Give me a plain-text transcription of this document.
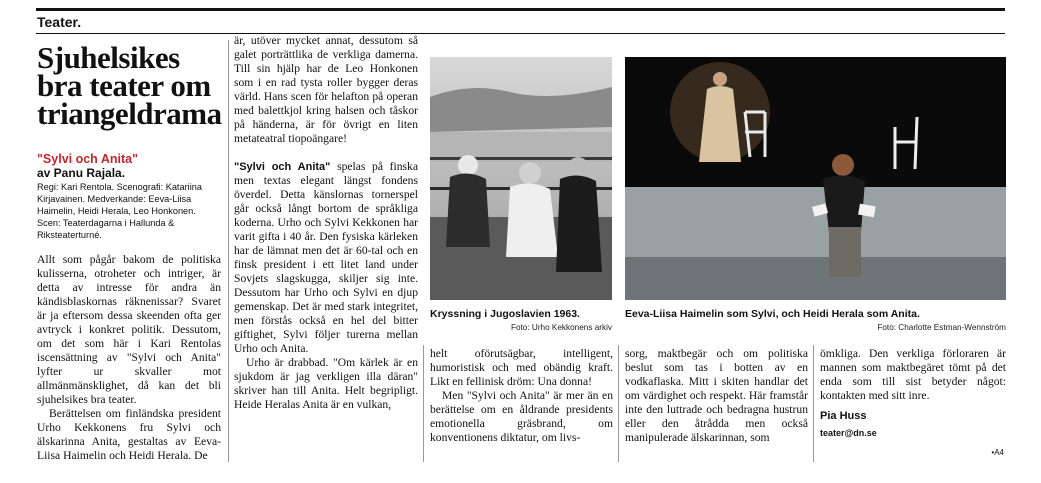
Teater.
Sjuhelsikes bra teater om triangeldrama
"Sylvi och Anita"
av Panu Rajala.
Regi: Kari Rentola. Scenografi: Katariina Kirjavainen. Medverkande: Eeva-Liisa Haimelin, Heidi Herala, Leo Honkonen. Scen: Teaterdagarna i Hallunda & Riksteaterturné.

Allt som pågår bakom de politiska kulisserna, otroheter och intriger, är detta av intresse för andra än kändisblaskornas räknenissar? Svaret är ja eftersom dessa skeenden ofta ger avtryck i konkret politik. Dessutom, om det som här i Kari Rentolas iscensättning av "Sylvi och Anita" lyfter ur skvaller mot allmänmänsklighet, då kan det bli sjuhelsikes bra teater.

Berättelsen om finländska president Urho Kekkonens fru Sylvi och älskarinna Anita, gestaltas av Eeva-Liisa Haimelin och Heidi Herala. De

är, utöver mycket annat, dessutom så galet porträttlika de verkliga damerna. Till sin hjälp har de Leo Honkonen som i en rad tysta roller bygger deras värld. Hans scen för helafton på operan med balettkjol kring halsen och tåskor på händerna, är för övrigt en liten metateatral tiopoängare!

"Sylvi och Anita" spelas på finska men textas elegant längst fondens överdel. Detta känslornas tornerspel går också långt bortom de språkliga koderna. Urho och Sylvi Kekkonen har varit gifta i 40 år. Den fysiska kärleken har de lämnat men det är 60-tal och en finsk president i ett litet land under Sovjets slagskugga, skiljer sig inte. Dessutom har Urho och Sylvi en djup gemenskap. Det är med stark integritet, men förstås också en hel del bitter giftighet, Sylvi följer turerna mellan Urho och Anita.

Urho är drabbad. "Om kärlek är en sjukdom är jag verkligen illa däran" skriver han till Anita. Helt begripligt. Heide Heralas Anita är en vulkan,

Kryssning i Jugoslavien 1963.
Foto: Urho Kekkonens arkiv
Eeva-Liisa Haimelin som Sylvi, och Heidi Herala som Anita.
Foto: Charlotte Estman-Wennström

helt oförutsägbar, intelligent, humoristisk och med obändig kraft. Likt en fellinisk dröm: Una donna!

Men "Sylvi och Anita" är mer än en berättelse om en åldrande presidents emotionella gräsbrand, om konventionens diktatur, om livs-

sorg, maktbegär och om politiska beslut som tas i botten av en vodkaflaska. Mitt i skiten handlar det om värdighet och respekt. Här framstår inte den luttrade och bedragna hustrun eller den åtrådda men också manipulerade älskarinnan, som

ömkliga. Den verkliga förloraren är mannen som maktbegäret tömt på det enda som till sist betyder något: kontakten med sitt inre.

Pia Huss
teater@dn.se
•A4
